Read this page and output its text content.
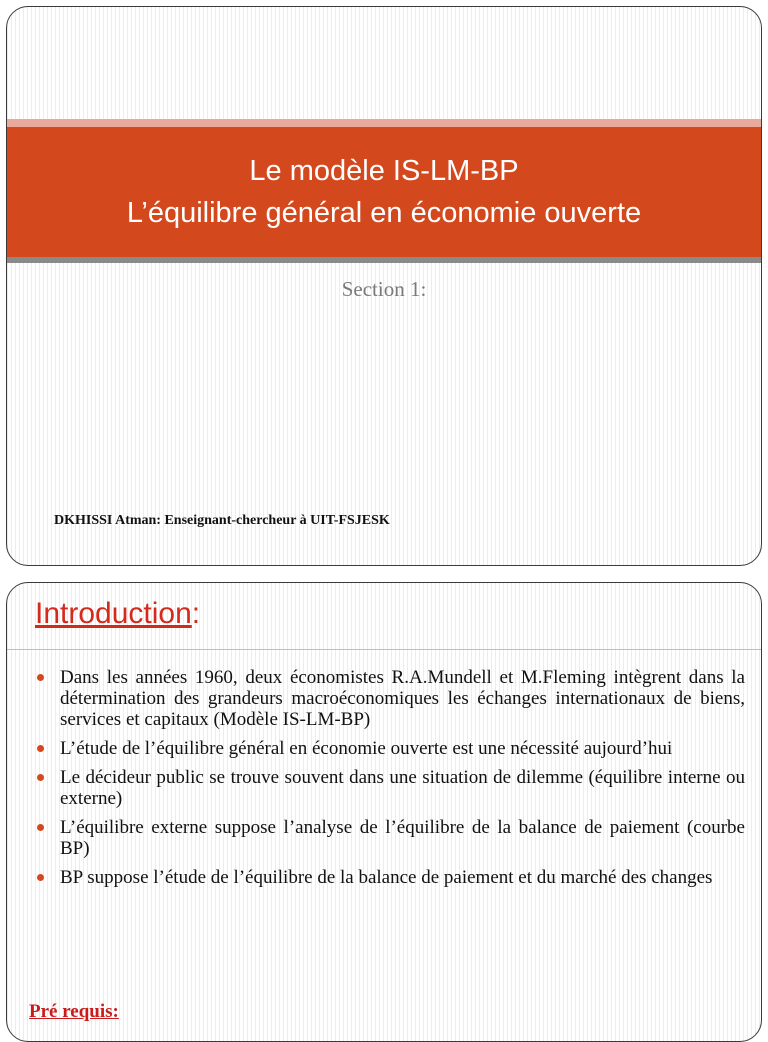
Le modèle IS-LM-BP
L’équilibre général en économie ouverte
Section 1:
DKHISSI Atman: Enseignant-chercheur à UIT-FSJESK
Introduction:
Dans les années 1960, deux économistes R.A.Mundell et M.Fleming intègrent dans la détermination des grandeurs macroéconomiques les échanges internationaux de biens, services et capitaux (Modèle IS-LM-BP)
L’étude de l’équilibre général en économie ouverte est une nécessité aujourd’hui
Le décideur public se trouve souvent dans une situation de dilemme (équilibre interne ou externe)
L’équilibre externe suppose l’analyse de l’équilibre de la balance de paiement (courbe BP)
BP suppose l’étude de l’équilibre de la balance de paiement et du marché des changes
Pré requis:
